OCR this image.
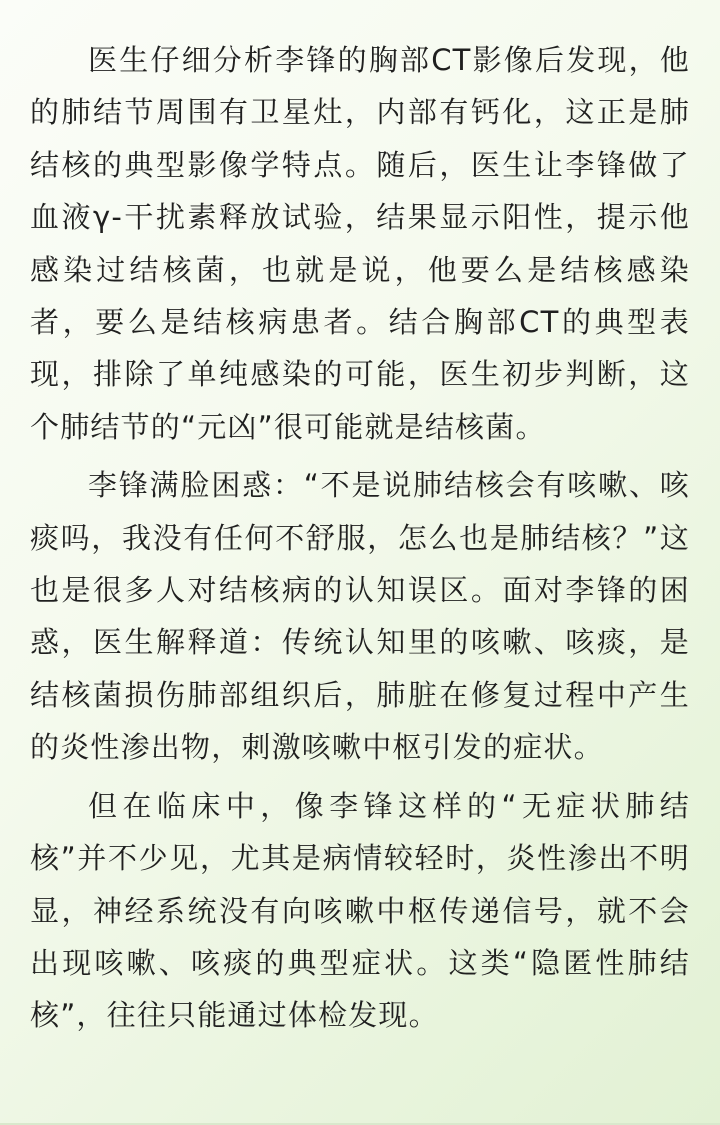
医生仔细分析李锋的胸部CT影像后发现，他的肺结节周围有卫星灶，内部有钙化，这正是肺结核的典型影像学特点。随后，医生让李锋做了血液γ-干扰素释放试验，结果显示阳性，提示他感染过结核菌，也就是说，他要么是结核感染者，要么是结核病患者。结合胸部CT的典型表现，排除了单纯感染的可能，医生初步判断，这个肺结节的“元凶”很可能就是结核菌。

李锋满脸困惑：“不是说肺结核会有咳嗽、咳痰吗，我没有任何不舒服，怎么也是肺结核？”这也是很多人对结核病的认知误区。面对李锋的困惑，医生解释道：传统认知里的咳嗽、咳痰，是结核菌损伤肺部组织后，肺脏在修复过程中产生的炎性渗出物，刺激咳嗽中枢引发的症状。

但在临床中，像李锋这样的“无症状肺结核”并不少见，尤其是病情较轻时，炎性渗出不明显，神经系统没有向咳嗽中枢传递信号，就不会出现咳嗽、咳痰的典型症状。这类“隐匿性肺结核”，往往只能通过体检发现。
